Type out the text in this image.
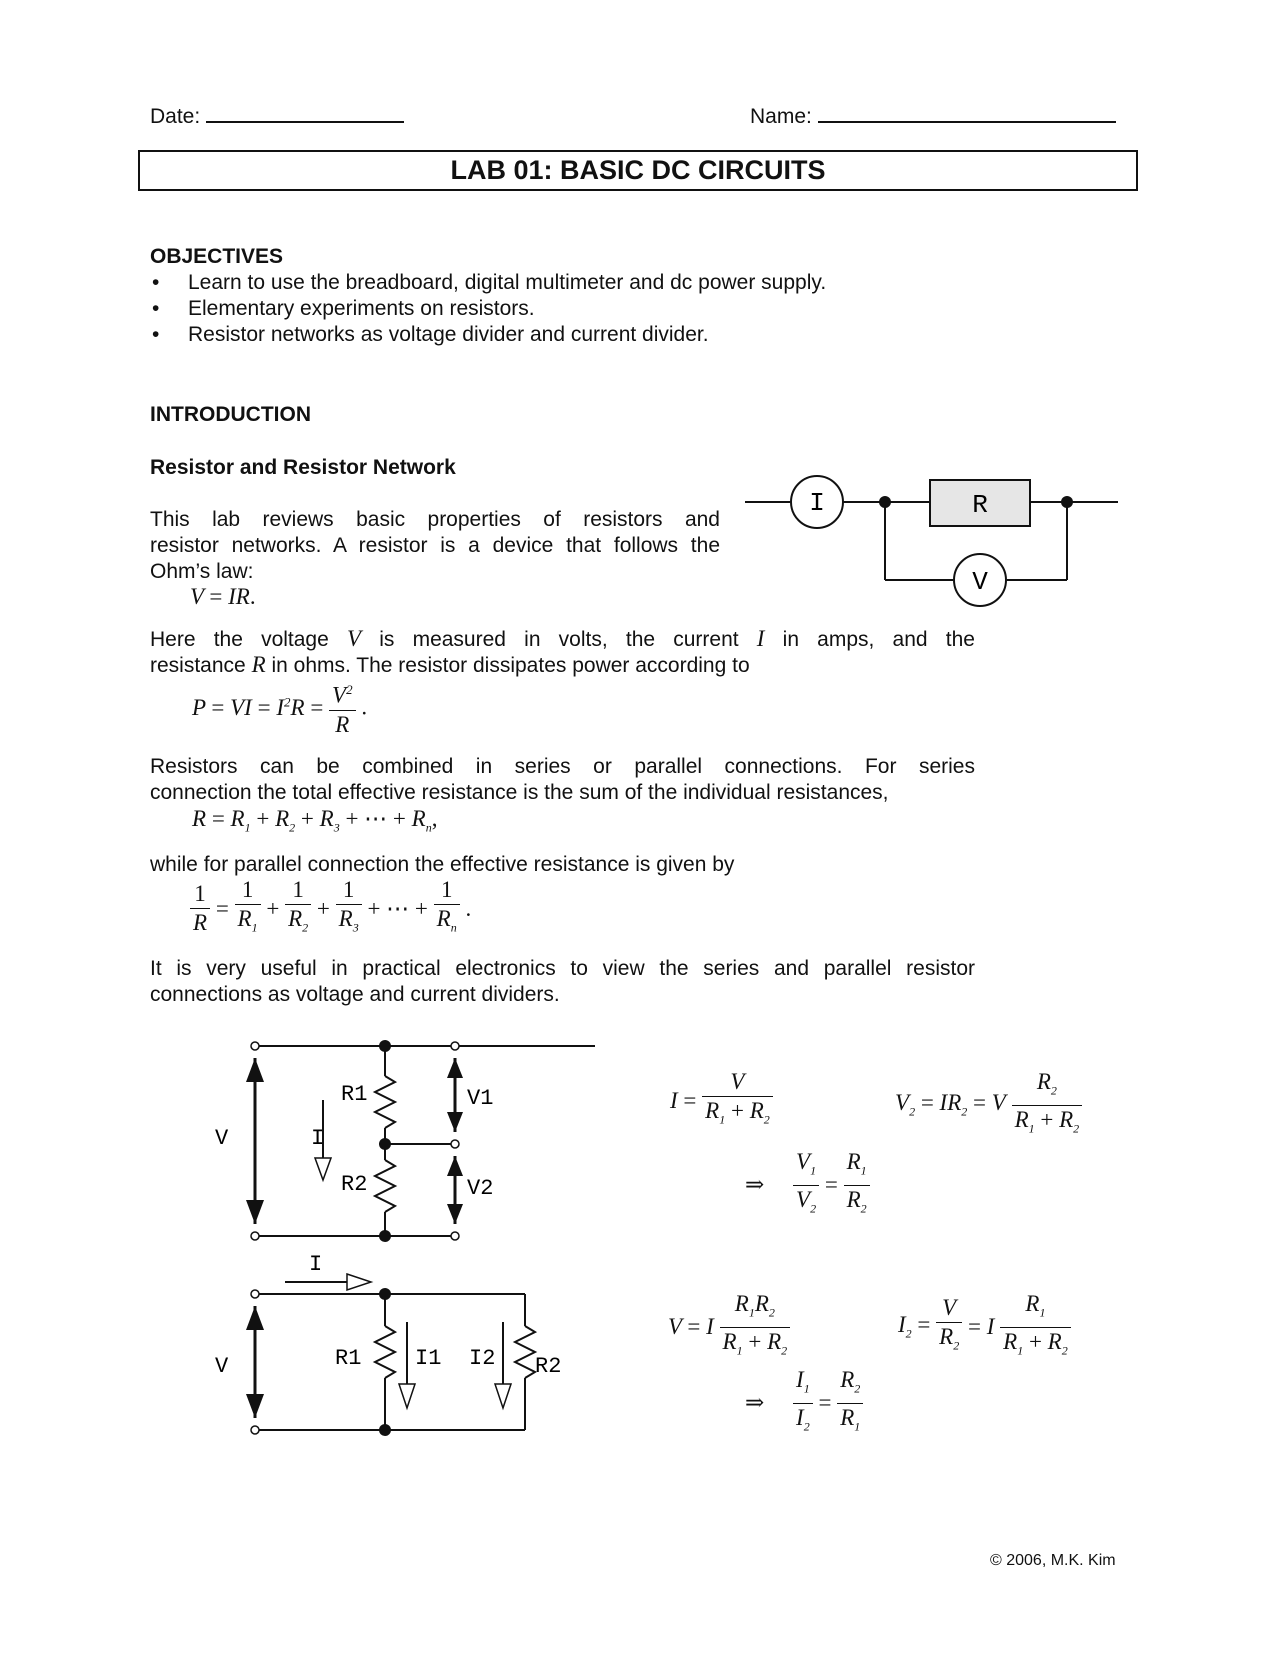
Date:	Name:
LAB 01: BASIC DC CIRCUITS
OBJECTIVES
• Learn to use the breadboard, digital multimeter and dc power supply.
• Elementary experiments on resistors.
• Resistor networks as voltage divider and current divider.
INTRODUCTION
Resistor and Resistor Network
This lab reviews basic properties of resistors and
resistor networks. A resistor is a device that follows the
Ohm’s law:
V = IR.
I	R
V
Here the voltage V is measured in volts, the current I in amps, and the
resistance R in ohms. The resistor dissipates power according to
P = VI = $I^2R = \frac{V^2}{R}$ .
Resistors can be combined in series or parallel connections. For series
connection the total effective resistance is the sum of the individual resistances,
$R = R_1 + R_2 + R_3$ + ⋯ + $R_n$,
while for parallel connection the effective resistance is given by
$\frac{1}{R} = \frac{1}{R_1} + \frac{1}{R_2} + \frac{1}{R_3}$ + ⋯ + $\frac{1}{R_n}$ .
It is very useful in practical electronics to view the series and parallel resistor
connections as voltage and current dividers.
V	I
R1
R2
V1
V2
I
V	R1 I1 I2 R2
$I = \frac{V}{R_1 + R_2}$	$V_2 = IR_2 = V \frac{R_2}{R_1 + R_2}$
⇒ $\frac{V_1}{V_2} = \frac{R_1}{R_2}$
V = I $\frac{R_1R_2}{R_1 + R_2}$	$I_2 = \frac{V}{R_2} = I \frac{R_1}{R_1 + R_2}$
⇒ $\frac{I_1}{I_2} = \frac{R_2}{R_1}$
© 2006, M.K. Kim
